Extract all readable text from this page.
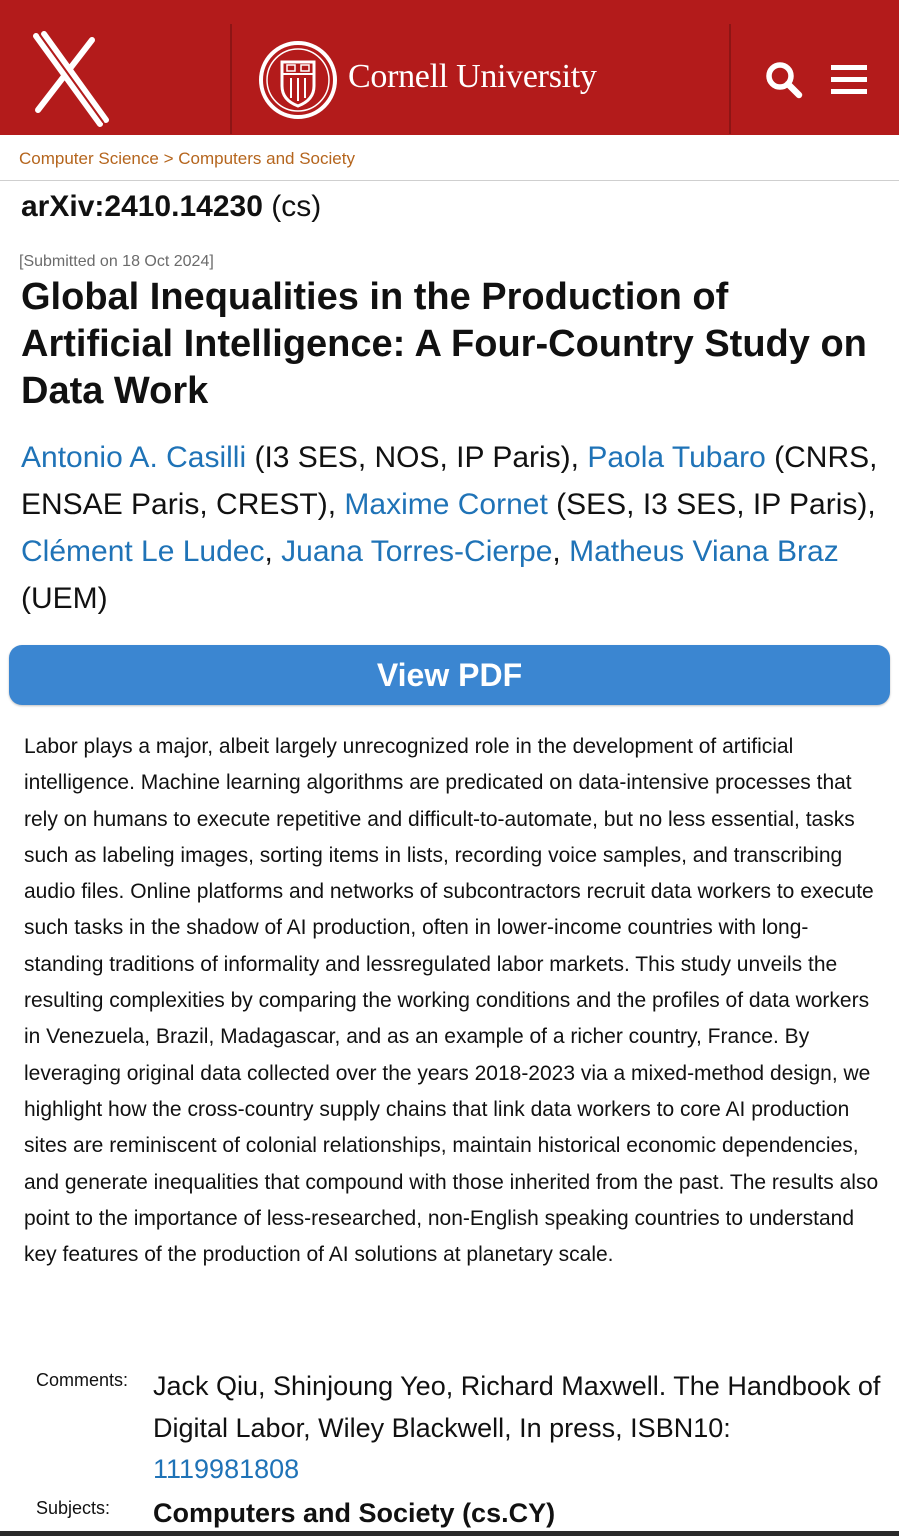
Cornell University
Computer Science > Computers and Society
arXiv:2410.14230 (cs)
[Submitted on 18 Oct 2024]
Global Inequalities in the Production of Artificial Intelligence: A Four-Country Study on Data Work
Antonio A. Casilli (I3 SES, NOS, IP Paris), Paola Tubaro (CNRS, ENSAE Paris, CREST), Maxime Cornet (SES, I3 SES, IP Paris), Clément Le Ludec, Juana Torres-Cierpe, Matheus Viana Braz (UEM)
View PDF

Labor plays a major, albeit largely unrecognized role in the development of artificial intelligence. Machine learning algorithms are predicated on data-intensive processes that rely on humans to execute repetitive and difficult-to-automate, but no less essential, tasks such as labeling images, sorting items in lists, recording voice samples, and transcribing audio files. Online platforms and networks of subcontractors recruit data workers to execute such tasks in the shadow of AI production, often in lower-income countries with long-standing traditions of informality and lessregulated labor markets. This study unveils the resulting complexities by comparing the working conditions and the profiles of data workers in Venezuela, Brazil, Madagascar, and as an example of a richer country, France. By leveraging original data collected over the years 2018-2023 via a mixed-method design, we highlight how the cross-country supply chains that link data workers to core AI production sites are reminiscent of colonial relationships, maintain historical economic dependencies, and generate inequalities that compound with those inherited from the past. The results also point to the importance of less-researched, non-English speaking countries to understand key features of the production of AI solutions at planetary scale.

Comments: Jack Qiu, Shinjoung Yeo, Richard Maxwell. The Handbook of Digital Labor, Wiley Blackwell, In press, ISBN10: 1119981808
Subjects: Computers and Society (cs.CY)
